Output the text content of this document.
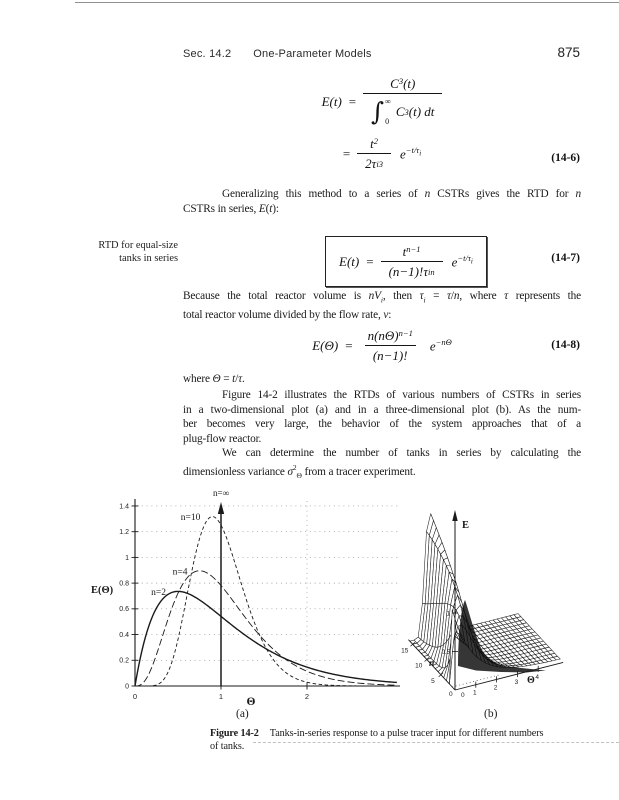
Sec. 14.2 One-Parameter Models	875
$E(t) = C^3$ (t)
∫ ∞
0
C 3 (t) dt
= $\frac{t^2}{\text{2τ i 3}} e^{-t/\tau_i}$	(14-6)
Generalizing this method to a series of n CSTRs gives the RTD for n
CSTRs in series, E(t):
RTD for equal-size
tanks in series	$E(t) = \frac{t^{n-1}}{\text{(n−1)!τ i n}} e^{-t/\tau_i}$	(14-7)
Because the total reactor volume is $nV_i$, then $\tau_i = \tau/n$, where τ represents the
total reactor volume divided by the flow rate, v:
$E(\Theta) = \frac{n(n\Theta)^{n-1}}{(n-1)!} e^{-n\Theta}$	(14-8)
where Θ = t/τ.
Figure 14-2 illustrates the RTDs of various numbers of CSTRs in series
in a two-dimensional plot (a) and in a three-dimensional plot (b). As the num-
ber becomes very large, the behavior of the system approaches that of a
plug-flow reactor.
We can determine the number of tanks in series by calculating the
dimensionless variance $\sigma^2_\Theta$ from a tracer experiment.
0
0.2
0.4
0.6
0.8
1
1.2
1.4
0	1	2
n=2
n=4
n=10
n=∞
E(Θ)
Θ
0
5
10
15
n
0 1
2
3
4
Θ
0.5
1
E
(a)	(b)
Figure 14-2 Tanks-in-series response to a pulse tracer input for different numbers
of tanks.
